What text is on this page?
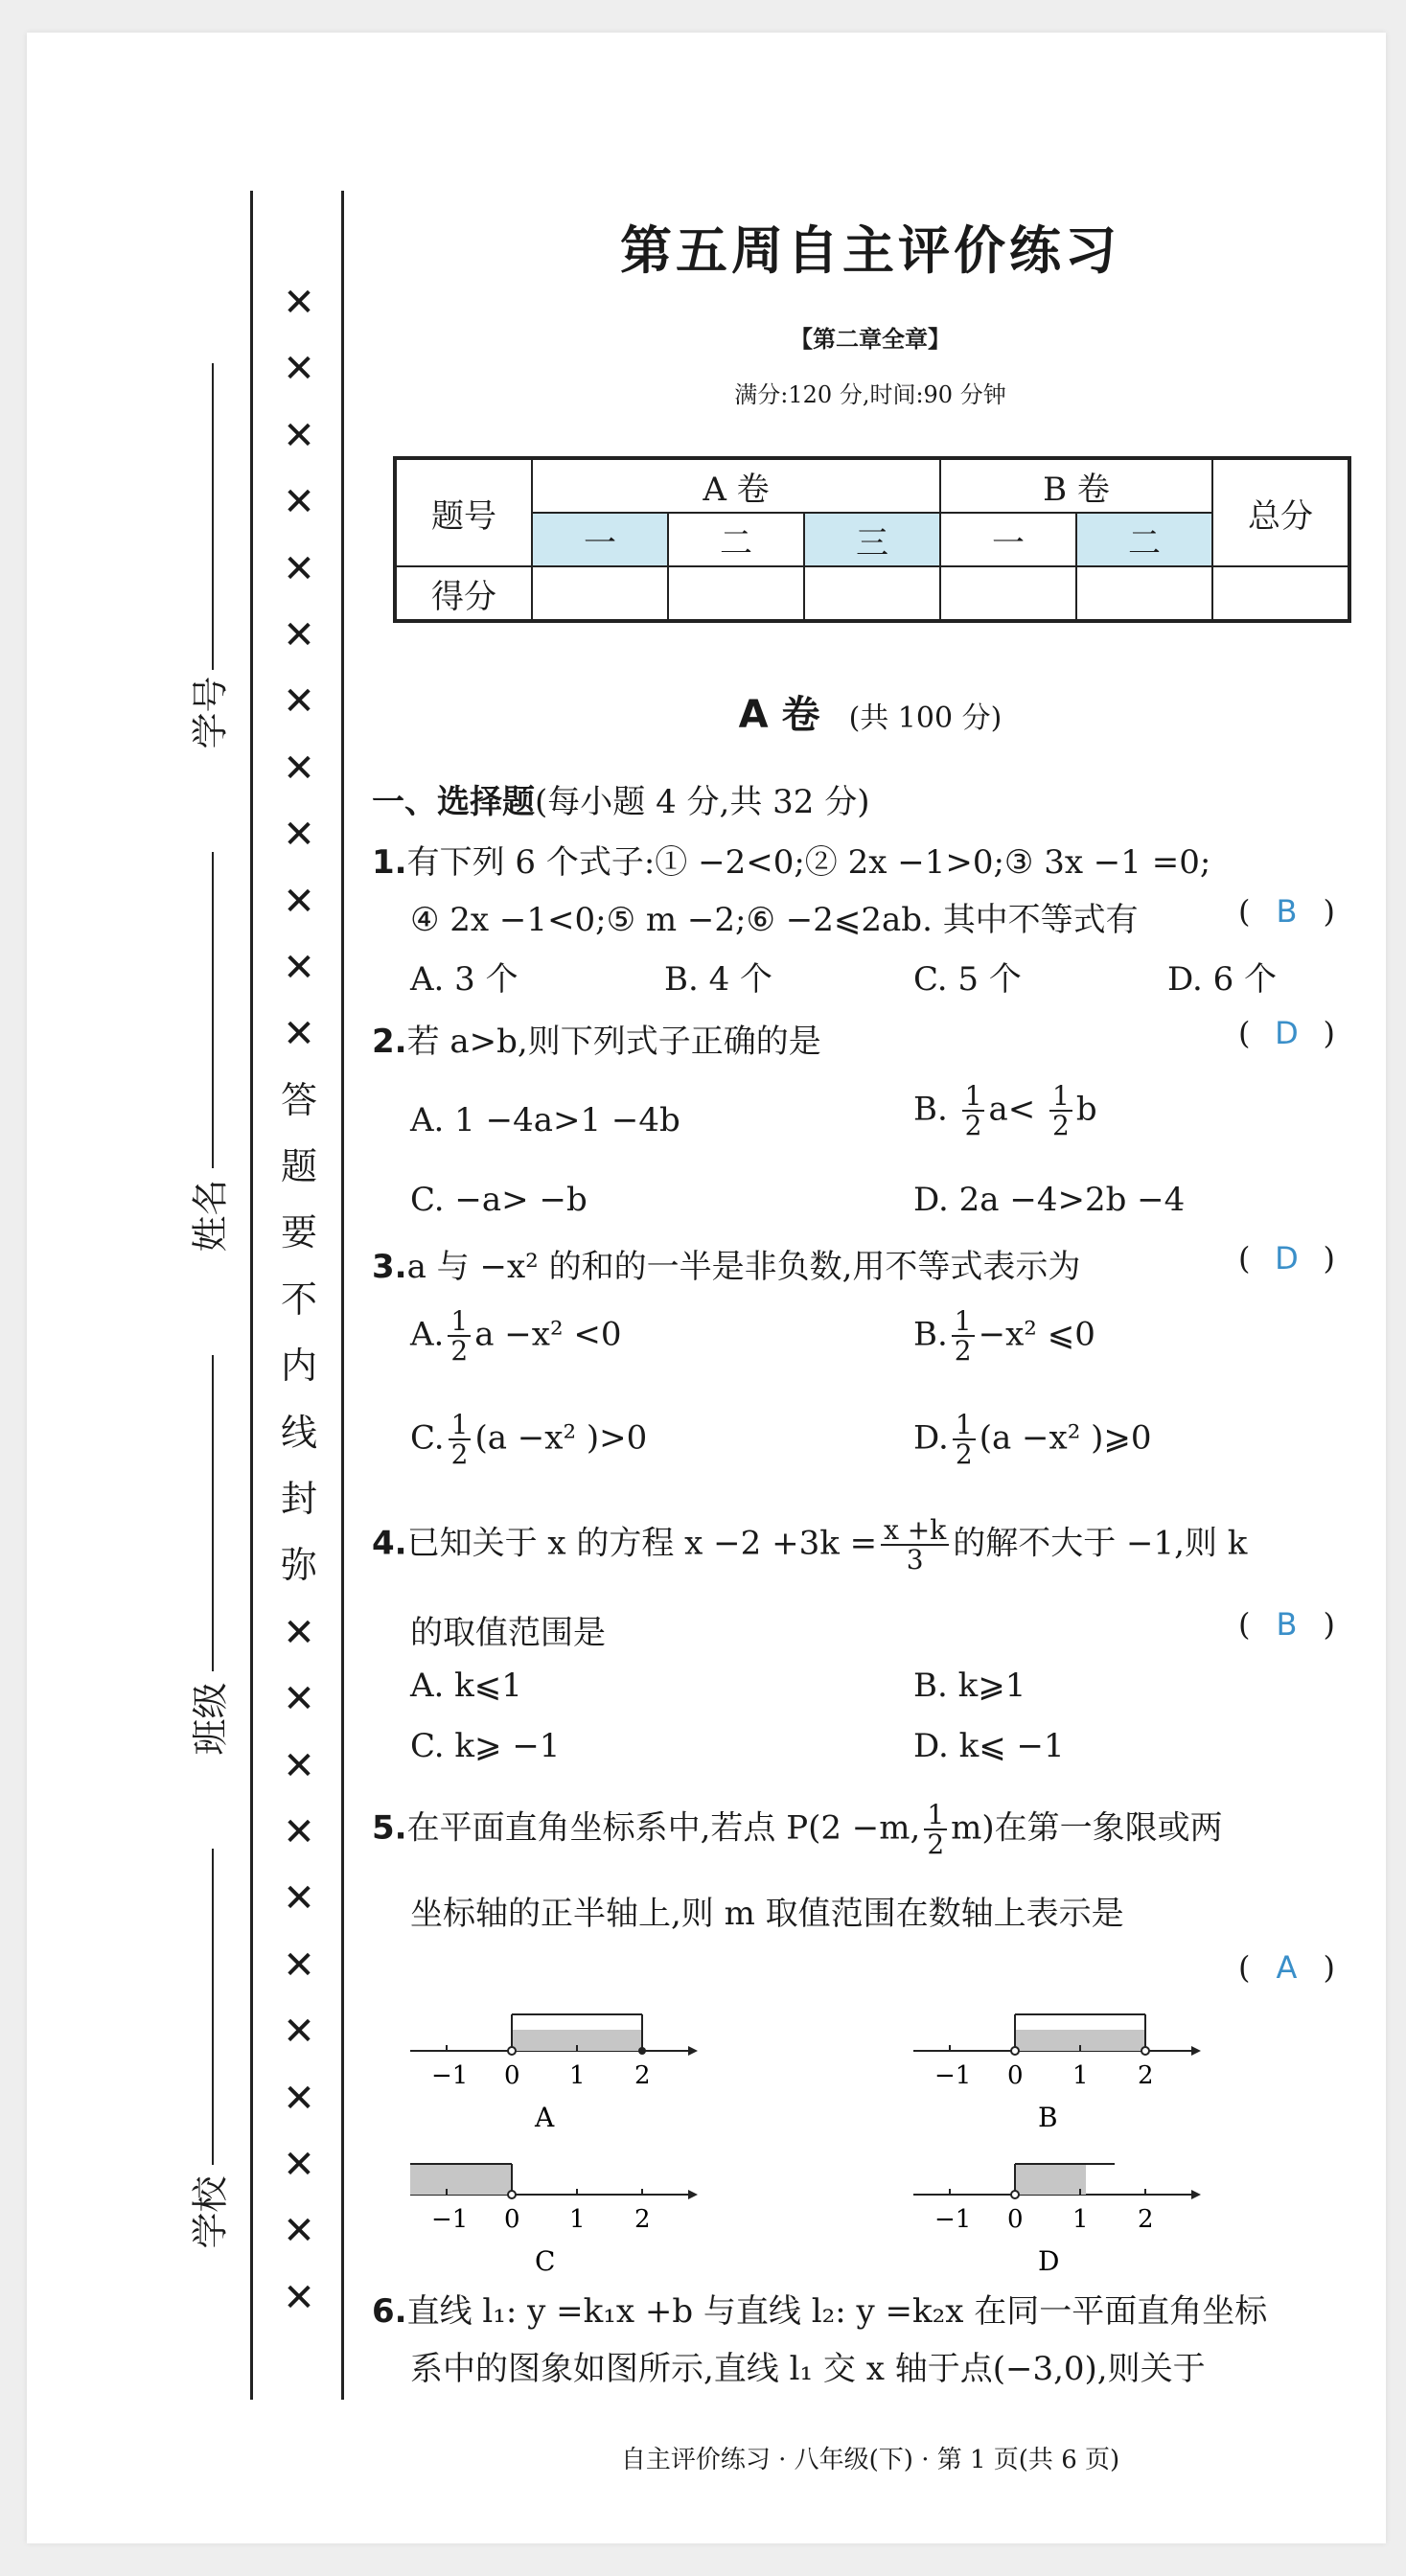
学号
姓名
班级
学校
✕
✕
✕
✕
✕
✕
✕
✕
✕
✕
✕
✕
答
题
要
不
内
线
封
弥
✕
✕
✕
✕
✕
✕
✕
✕
✕
✕
✕
第五周自主评价练习
【第二章全章】
满分:120 分,时间:90 分钟
题号	A 卷			B 卷		总分
	一	二	三	一	二	
得分						
A 卷 (共 100 分)
一、选择题(每小题 4 分,共 32 分)
1.有下列 6 个式子:① −2<0;② 2x −1>0;③ 3x −1 =0;
④ 2x −1<0;⑤ m −2;⑥ −2⩽2ab. 其中不等式有	( B )
A. 3 个	B. 4 个	C. 5 个	D. 6 个
2.若 a>b,则下列式子正确的是	( D )
A. 1 −4a>1 −4b	B. $\frac{1}{2} a< \frac{1}{2}$ b
C. −a> −b	D. 2a −4>2b −4
3.a 与 −x² 的和的一半是非负数,用不等式表示为	( D )
A. $\frac{1}{2}$ a −x² <0	B. $\frac{1}{2} -x^2$ ⩽0
C. $\frac{1}{2} (a -x^2$ )>0	D. $\frac{1}{2} (a -x^2$ )⩾0
4.已知关于 x 的方程 $x -2 +3k = \frac{x +k}{3}$ 的解不大于 −1,则 k
的取值范围是	( B )
A. k⩽1	B. k⩾1
C. k⩾ −1	D. k⩽ −1
5.在平面直角坐标系中,若点 P(2 −m, $\frac{1}{2} m$)在第一象限或两
坐标轴的正半轴上,则 m 取值范围在数轴上表示是
( A )
−1 0 1 2
A
−1 0 1 2
B
−1 0 1 2
C
−1 0 1 2
D
6.直线 l₁: y =k₁x +b 与直线 l₂: y =k₂x 在同一平面直角坐标
系中的图象如图所示,直线 l₁ 交 x 轴于点(−3,0),则关于
自主评价练习 · 八年级(下) · 第 1 页(共 6 页)
